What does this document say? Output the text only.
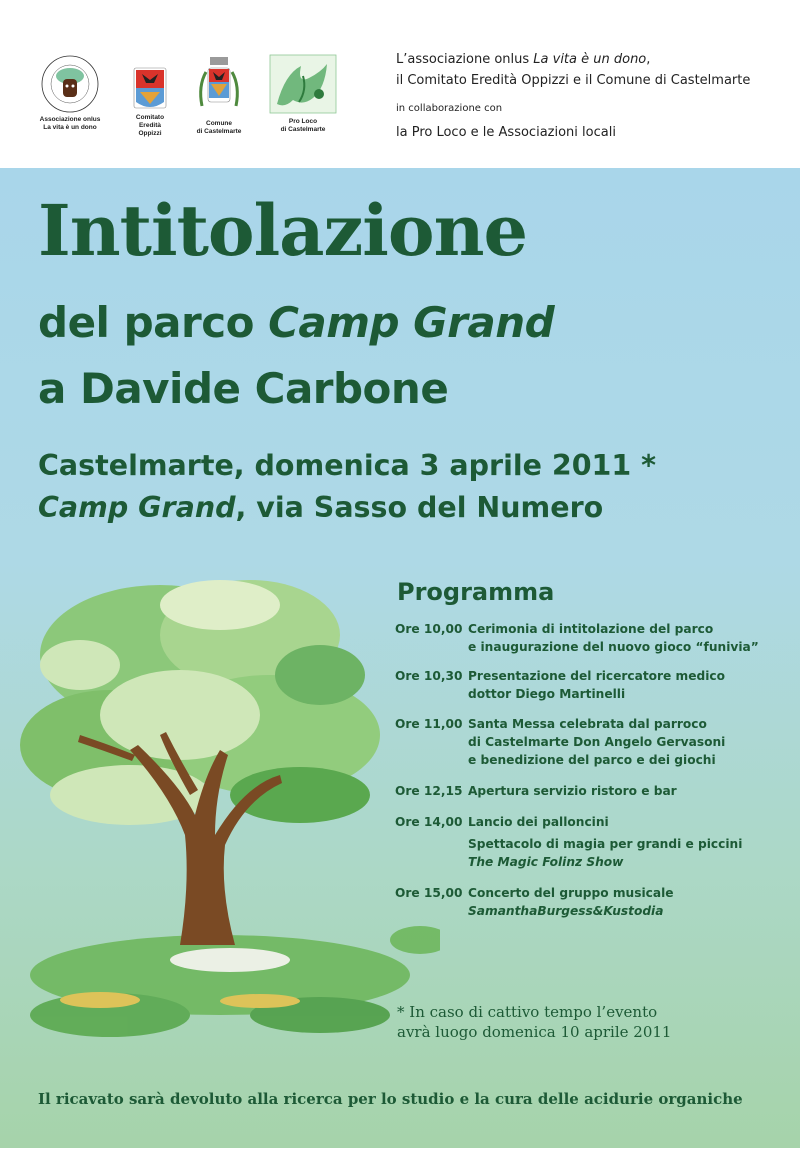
Associazione onlus
La vita è un dono
Comitato
Eredità
Oppizzi
Comune
di Castelmarte
Pro Loco
di Castelmarte
L’associazione onlus La vita è un dono,
il Comitato Eredità Oppizzi e il Comune di Castelmarte
in collaborazione con
la Pro Loco e le Associazioni locali
Intitolazione
del parco Camp Grand
a Davide Carbone
Castelmarte, domenica 3 aprile 2011 *
Camp Grand, via Sasso del Numero
Programma
Ore 10,00 Cerimonia di intitolazione del parco
e inaugurazione del nuovo gioco “funivia”
Ore 10,30 Presentazione del ricercatore medico
dottor Diego Martinelli
Ore 11,00 Santa Messa celebrata dal parroco
di Castelmarte Don Angelo Gervasoni
e benedizione del parco e dei giochi
Ore 12,15 Apertura servizio ristoro e bar
Ore 14,00 Lancio dei palloncini
Spettacolo di magia per grandi e piccini
The Magic Folinz Show
Ore 15,00 Concerto del gruppo musicale
SamanthaBurgess&Kustodia
* In caso di cattivo tempo l’evento
avrà luogo domenica 10 aprile 2011
Il ricavato sarà devoluto alla ricerca per lo studio e la cura delle acidurie organiche
